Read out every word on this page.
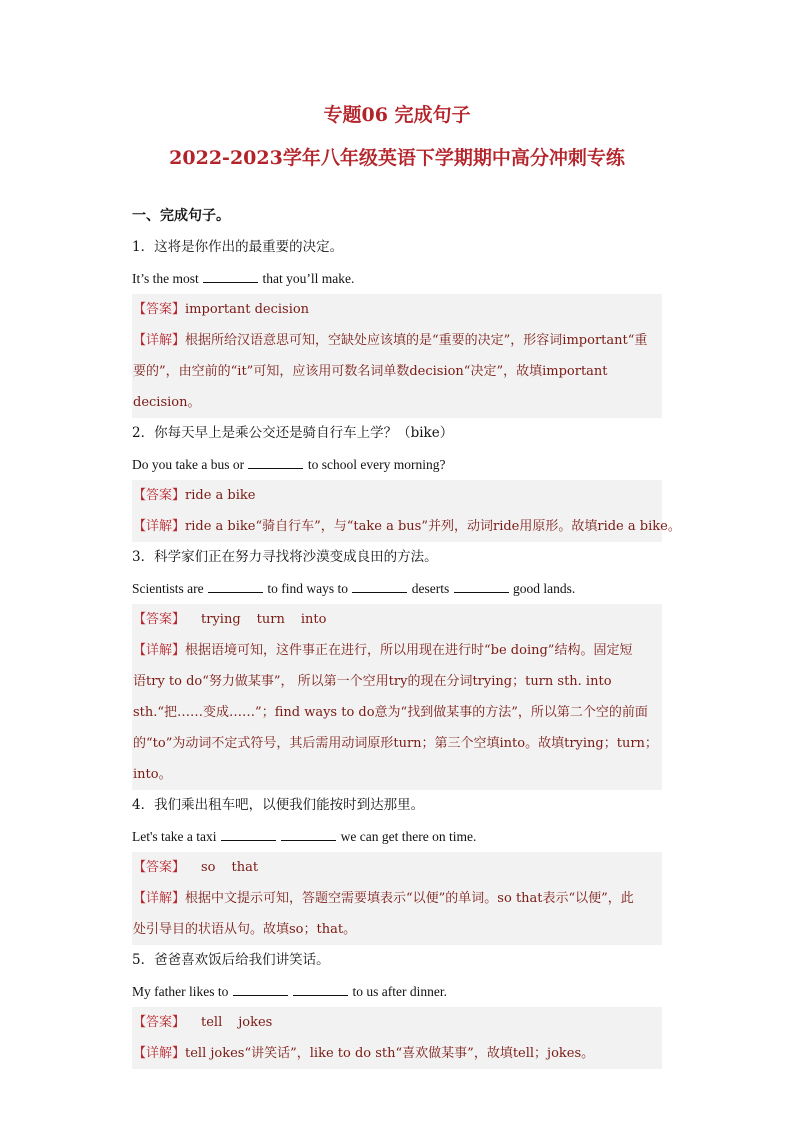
专题06 完成句子
2022-2023学年八年级英语下学期期中高分冲刺专练
一、完成句子。
1．这将是你作出的最重要的决定。
It’s the most	that you’ll make.
【答案】important decision
【详解】根据所给汉语意思可知，空缺处应该填的是“重要的决定”，形容词important“重
要的”，由空前的“it”可知，应该用可数名词单数decision“决定”，故填important
decision。
2．你每天早上是乘公交还是骑自行车上学？（bike）
Do you take a bus or	to school every morning?
【答案】ride a bike
【详解】ride a bike“骑自行车”，与“take a bus”并列，动词ride用原形。故填ride a bike。
3．科学家们正在努力寻找将沙漠变成良田的方法。
Scientists are	to find ways to	deserts	good lands.
【答案】 trying turn into
【详解】根据语境可知，这件事正在进行，所以用现在进行时“be doing”结构。固定短
语try to do“努力做某事”， 所以第一个空用try的现在分词trying；turn sth. into
sth.“把……变成……”；find ways to do意为“找到做某事的方法”，所以第二个空的前面
的“to”为动词不定式符号，其后需用动词原形turn；第三个空填into。故填trying；turn；
into。
4．我们乘出租车吧，以便我们能按时到达那里。
Let's take a taxi	we can get there on time.
【答案】 so that
【详解】根据中文提示可知，答题空需要填表示“以便”的单词。so that表示“以便”，此
处引导目的状语从句。故填so；that。
5．爸爸喜欢饭后给我们讲笑话。
My father likes to	to us after dinner.
【答案】 tell jokes
【详解】tell jokes“讲笑话”，like to do sth“喜欢做某事”，故填tell；jokes。
